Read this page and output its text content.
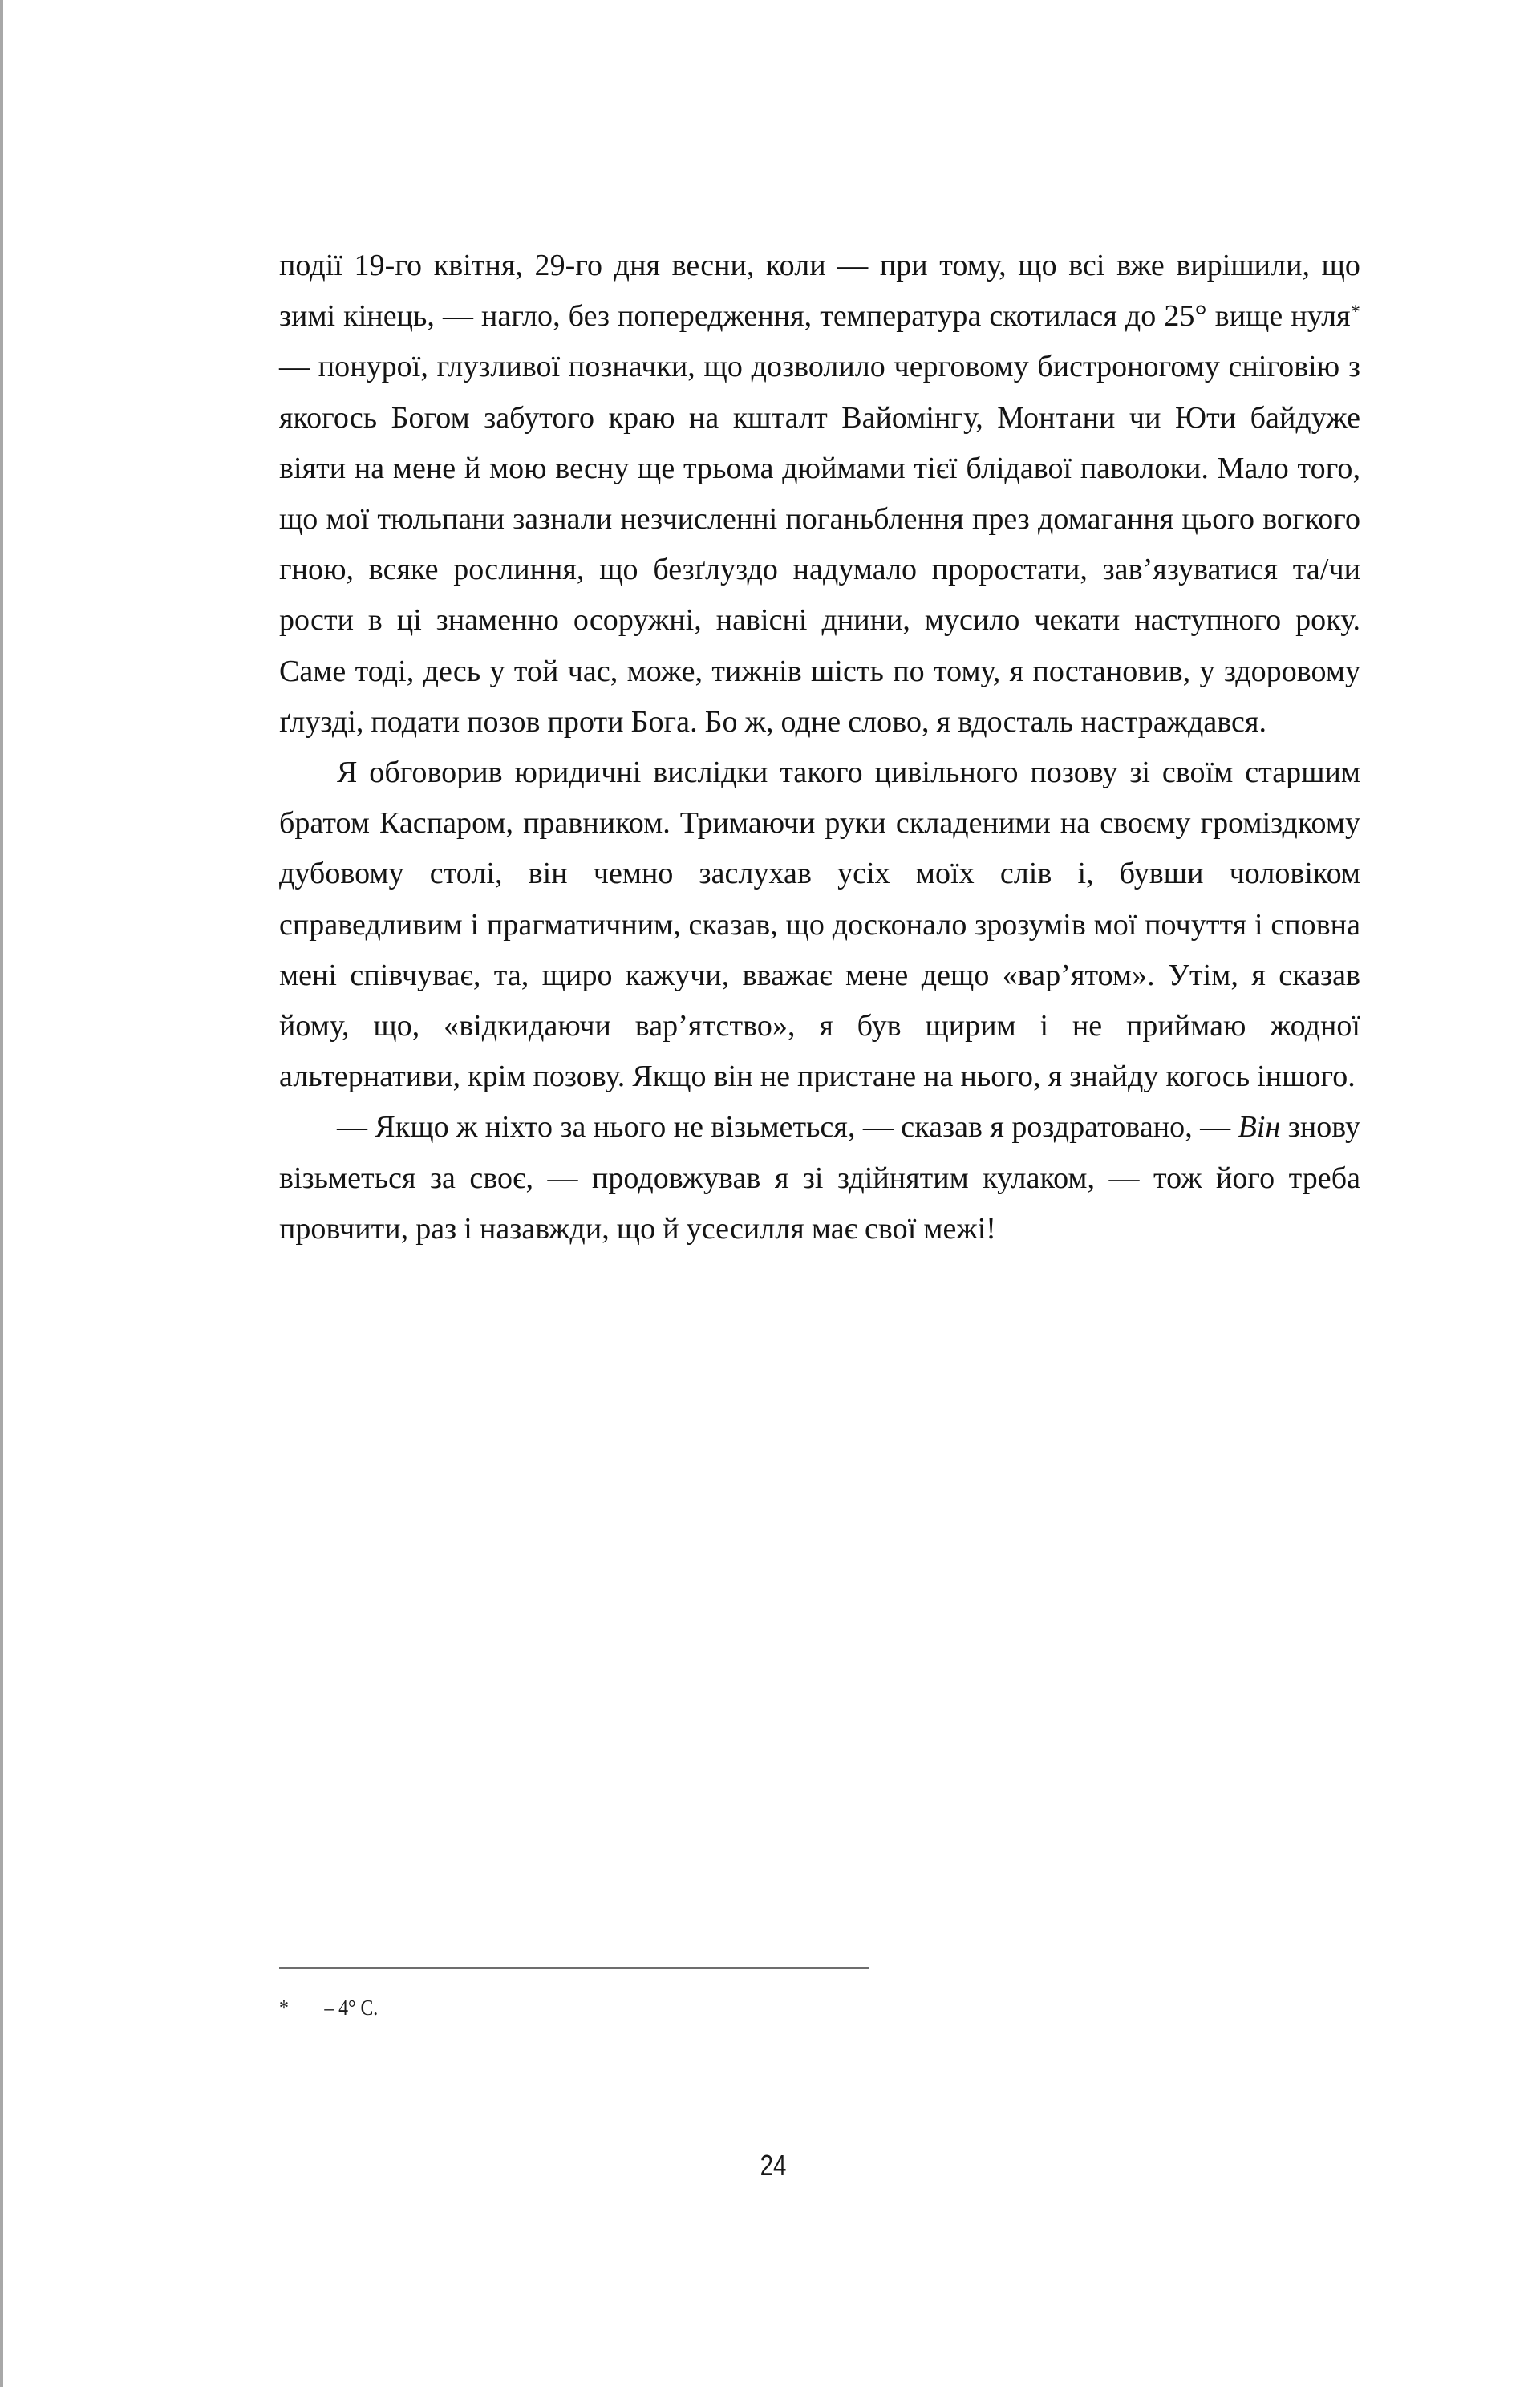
події 19-го квітня, 29-го дня весни, коли — при тому, що всі вже вирішили, що зимі кінець, — нагло, без попередження, температура скотилася до 25° вище нуля* — понурої, глузливої позначки, що дозволило черговому бистроногому сніговію з якогось Богом забутого краю на кшталт Вайомінгу, Монтани чи Юти байдуже віяти на мене й мою весну ще трьома дюймами тієї блідавої паволоки. Мало того, що мої тюльпани зазнали незчисленні поганьблення през домагання цього вогкого гною, всяке рослиння, що безґлуздо надумало проростати, зав’язуватися та/чи рости в ці знаменно осоружні, навісні днини, мусило чекати наступного року. Саме тоді, десь у той час, може, тижнів шість по тому, я постановив, у здоровому ґлузді, подати позов проти Бога. Бо ж, одне слово, я вдосталь настраждався.

Я обговорив юридичні вислідки такого цивільного позову зі своїм старшим братом Каспаром, правником. Тримаючи руки складеними на своєму громіздкому дубовому столі, він чемно заслухав усіх моїх слів і, бувши чоловіком справедливим і прагматичним, сказав, що досконало зрозумів мої почуття і сповна мені співчуває, та, щиро кажучи, вважає мене дещо «вар’ятом». Утім, я сказав йому, що, «відкидаючи вар’ятство», я був щирим і не приймаю жодної альтернативи, крім позову. Якщо він не пристане на нього, я знайду когось іншого.

— Якщо ж ніхто за нього не візьметься, — сказав я роздратовано, — Він знову візьметься за своє, — продовжував я зі здійнятим кулаком, — тож його треба провчити, раз і назавжди, що й усесилля має свої межі!

* – 4° C.

24
